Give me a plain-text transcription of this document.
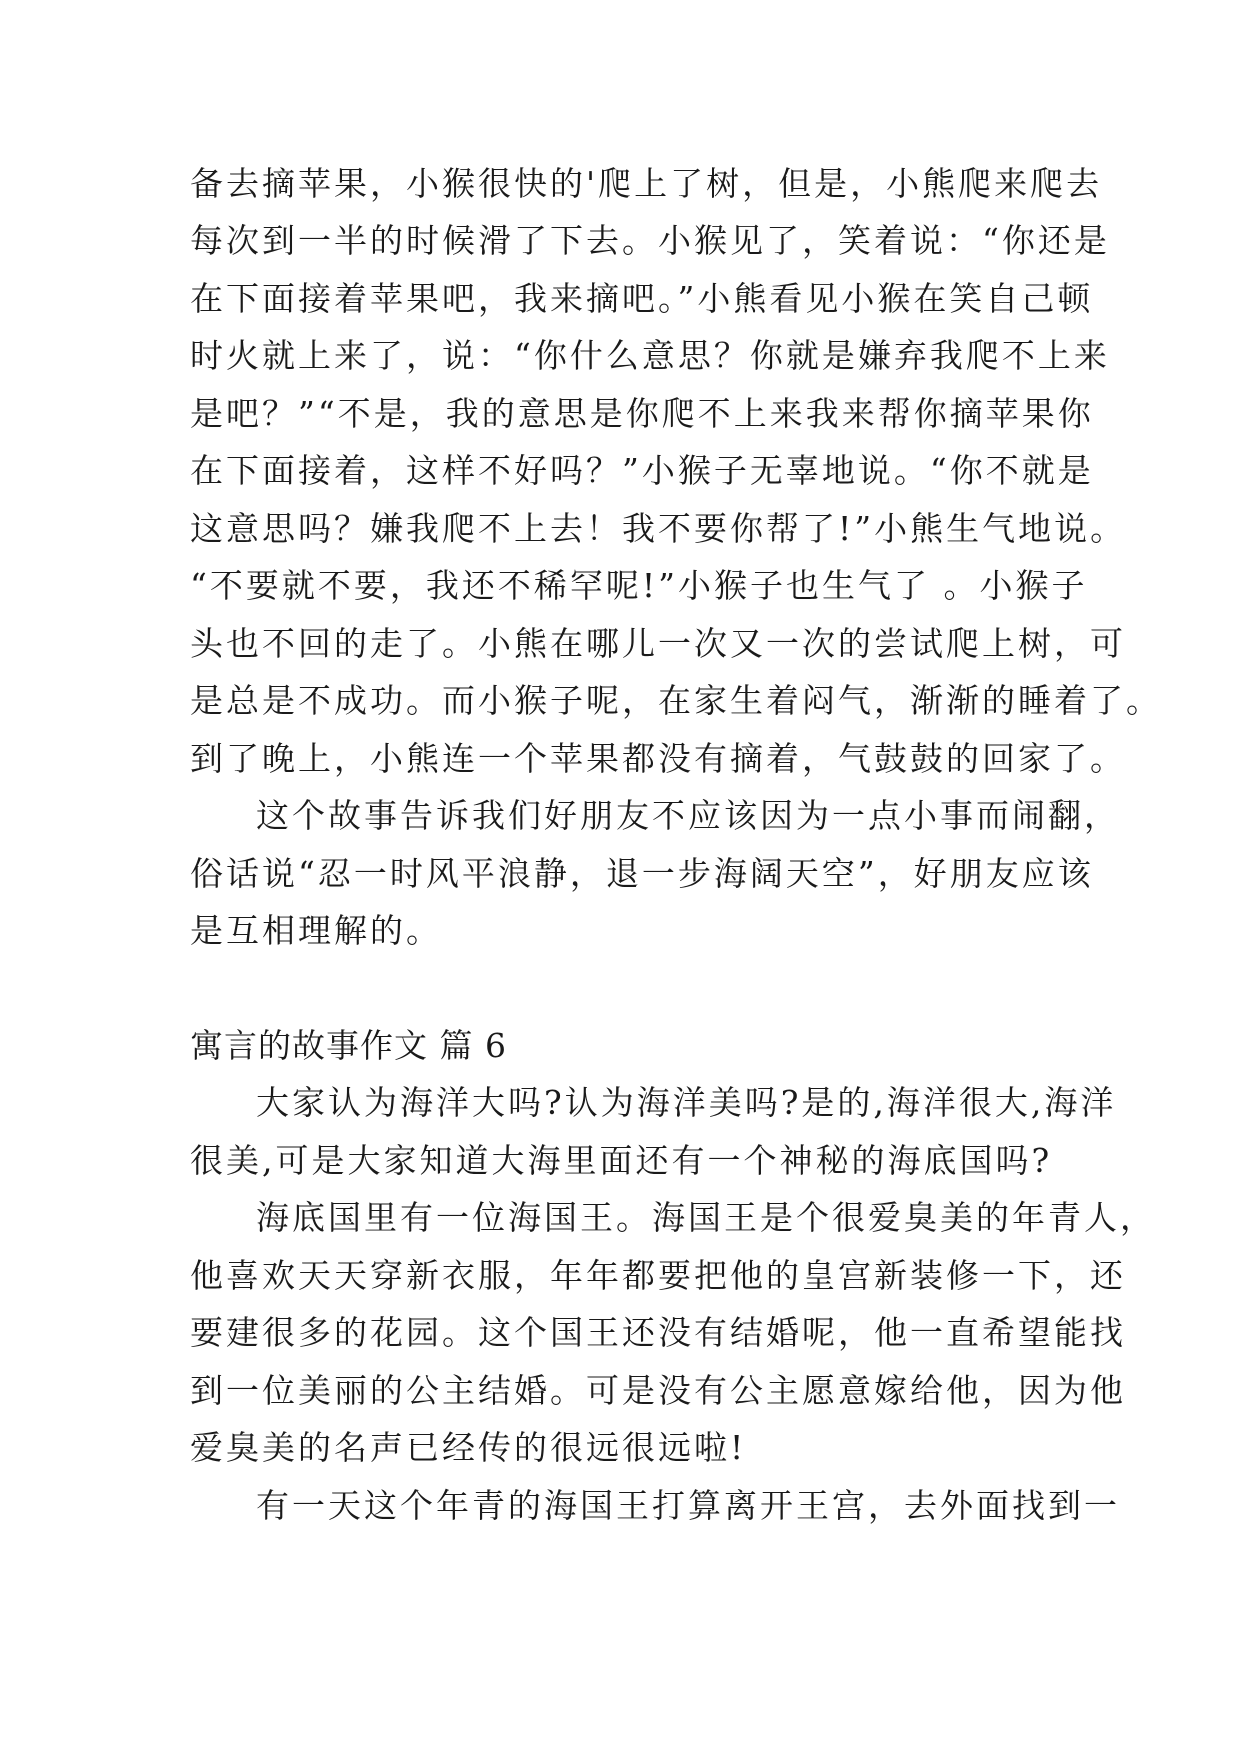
备去摘苹果，小猴很快的'爬上了树，但是，小熊爬来爬去
每次到一半的时候滑了下去。小猴见了，笑着说：“你还是
在下面接着苹果吧，我来摘吧。”小熊看见小猴在笑自己顿
时火就上来了，说：“你什么意思？你就是嫌弃我爬不上来
是吧？”“不是，我的意思是你爬不上来我来帮你摘苹果你
在下面接着，这样不好吗？”小猴子无辜地说。“你不就是
这意思吗？嫌我爬不上去！我不要你帮了!”小熊生气地说。
“不要就不要，我还不稀罕呢!”小猴子也生气了 。小猴子
头也不回的走了。小熊在哪儿一次又一次的尝试爬上树，可
是总是不成功。而小猴子呢，在家生着闷气，渐渐的睡着了。
到了晚上，小熊连一个苹果都没有摘着，气鼓鼓的回家了。
这个故事告诉我们好朋友不应该因为一点小事而闹翻，
俗话说“忍一时风平浪静，退一步海阔天空”，好朋友应该
是互相理解的。
寓言的故事作文 篇 6
大家认为海洋大吗?认为海洋美吗?是的,海洋很大,海洋
很美,可是大家知道大海里面还有一个神秘的海底国吗?
海底国里有一位海国王。海国王是个很爱臭美的年青人，
他喜欢天天穿新衣服，年年都要把他的皇宫新装修一下，还
要建很多的花园。这个国王还没有结婚呢，他一直希望能找
到一位美丽的公主结婚。可是没有公主愿意嫁给他，因为他
爱臭美的名声已经传的很远很远啦!
有一天这个年青的海国王打算离开王宫，去外面找到一
